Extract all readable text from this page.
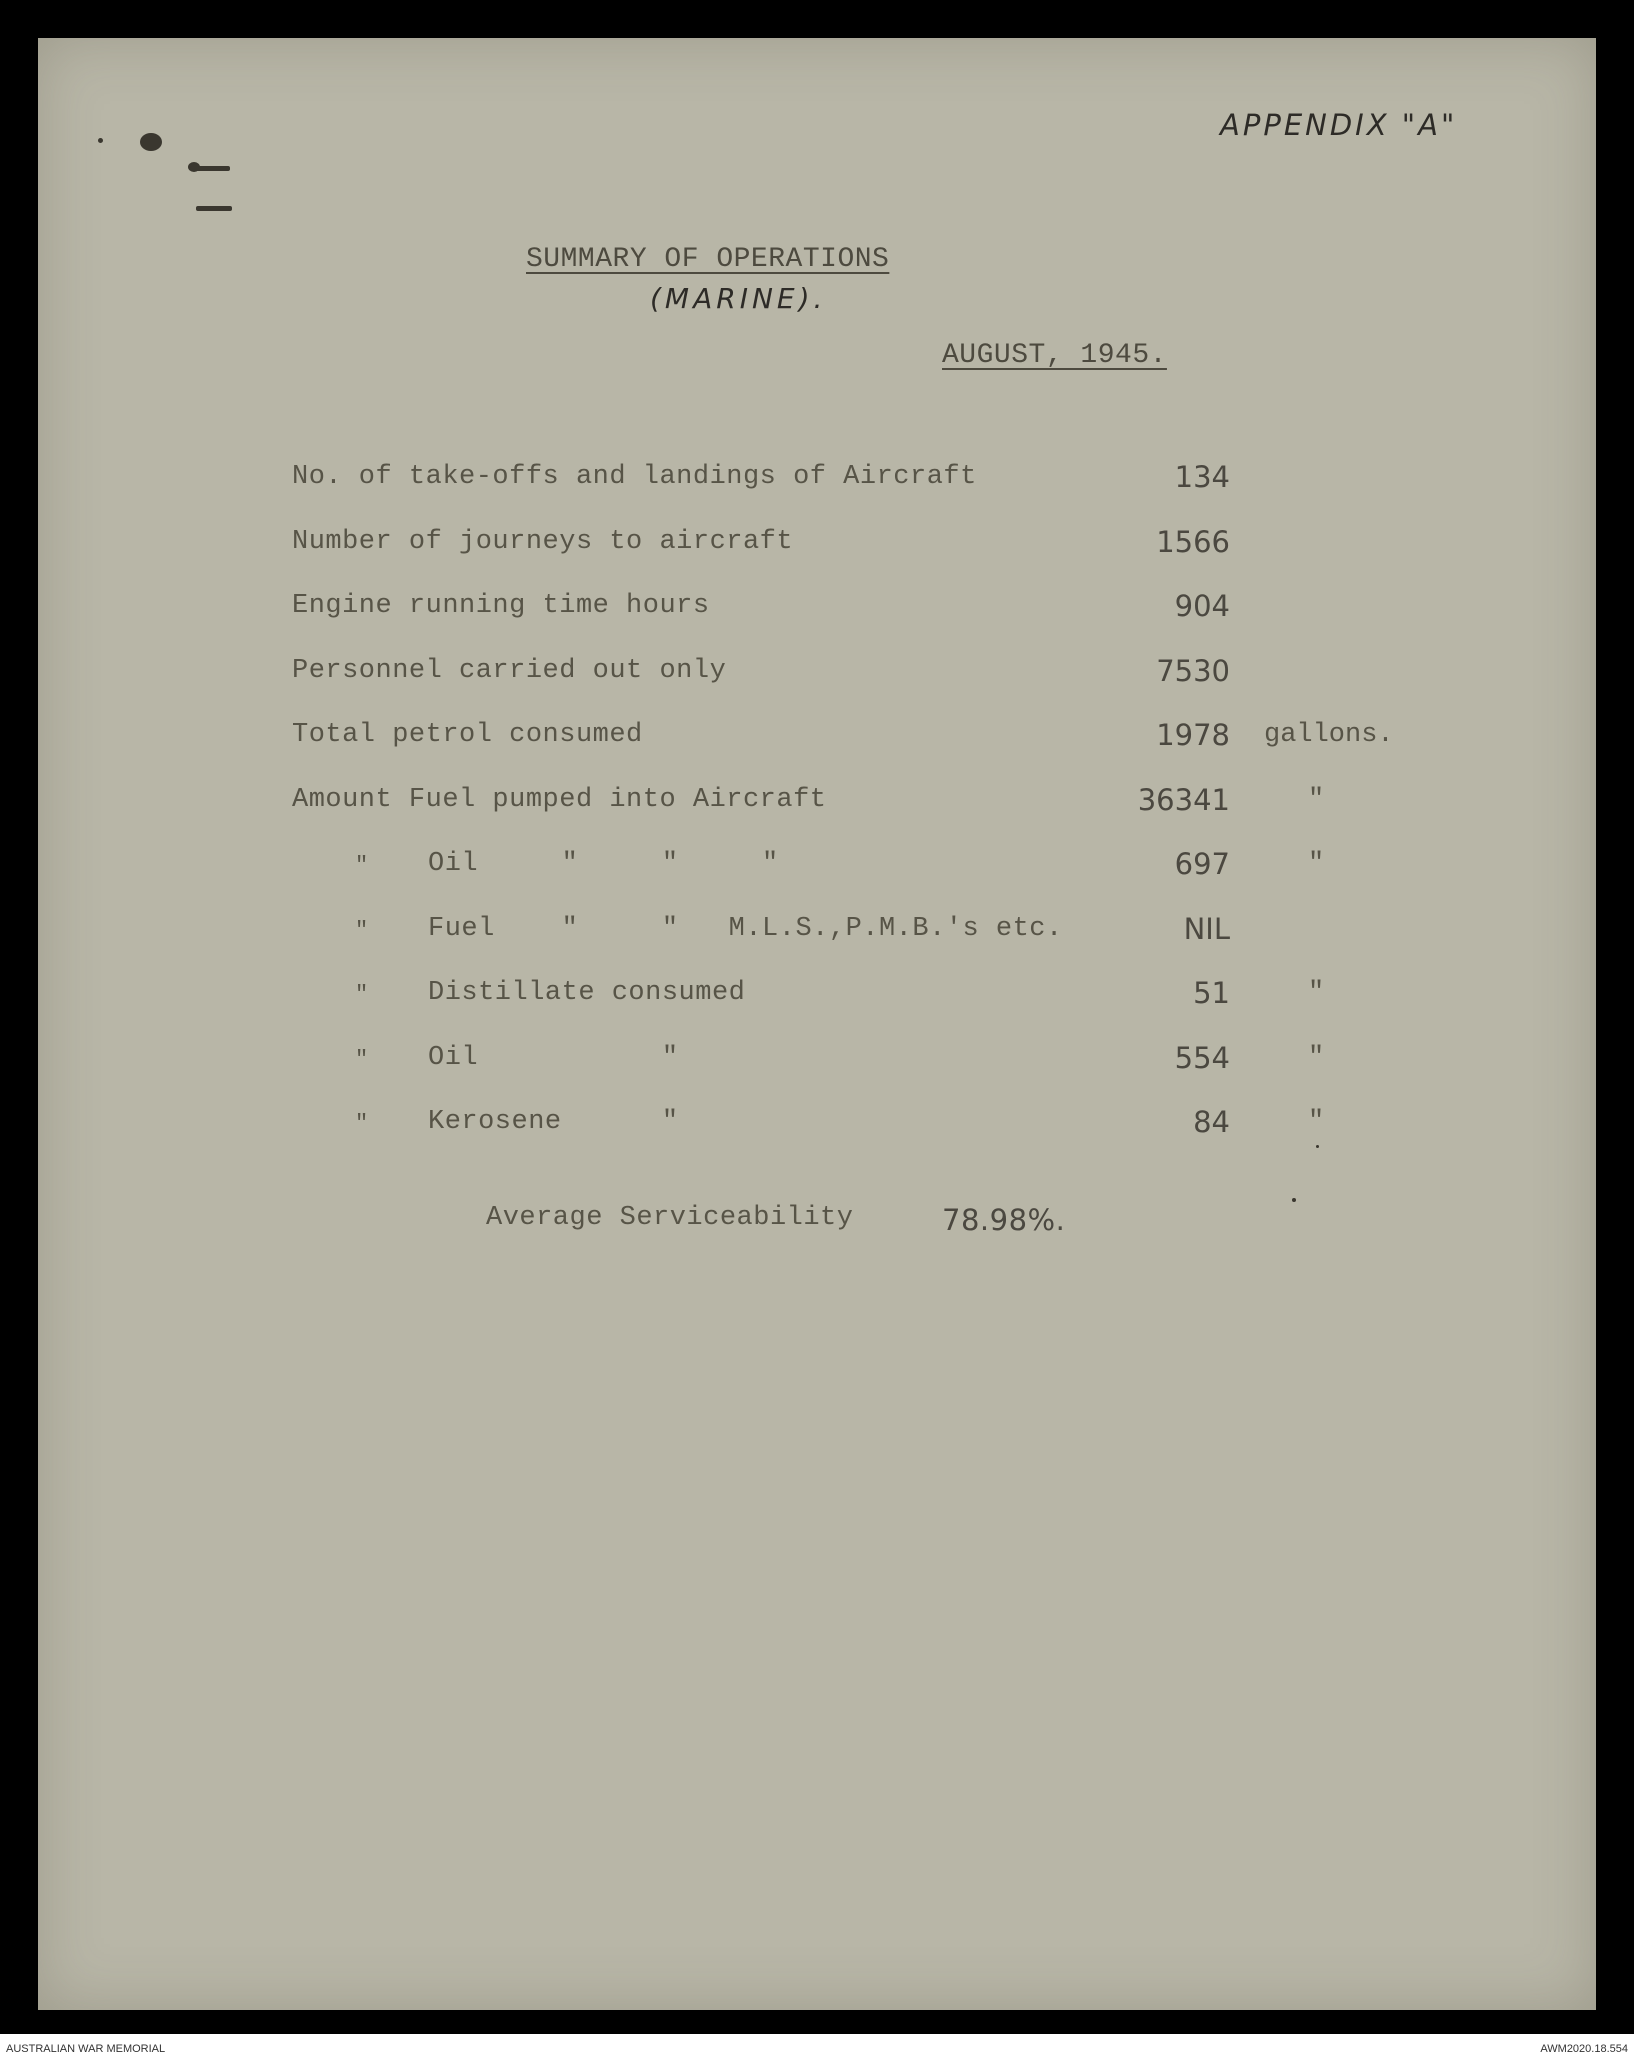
APPENDIX "A"
SUMMARY OF OPERATIONS
(MARINE).
AUGUST, 1945.
No. of take-offs and landings of Aircraft	134
Number of journeys to aircraft	1566
Engine running time hours	904
Personnel carried out only	7530
Total petrol consumed	1978 gallons.
Amount Fuel pumped into Aircraft	36341	"
" Oil     "     "     "	697	"
" Fuel    "     "   M.L.S.,P.M.B.'s etc.	NIL
" Distillate consumed	51	"
" Oil           "	554	"
" Kerosene      "	84	"
Average Serviceability	78.98%.
AUSTRALIAN WAR MEMORIAL	AWM2020.18.554
